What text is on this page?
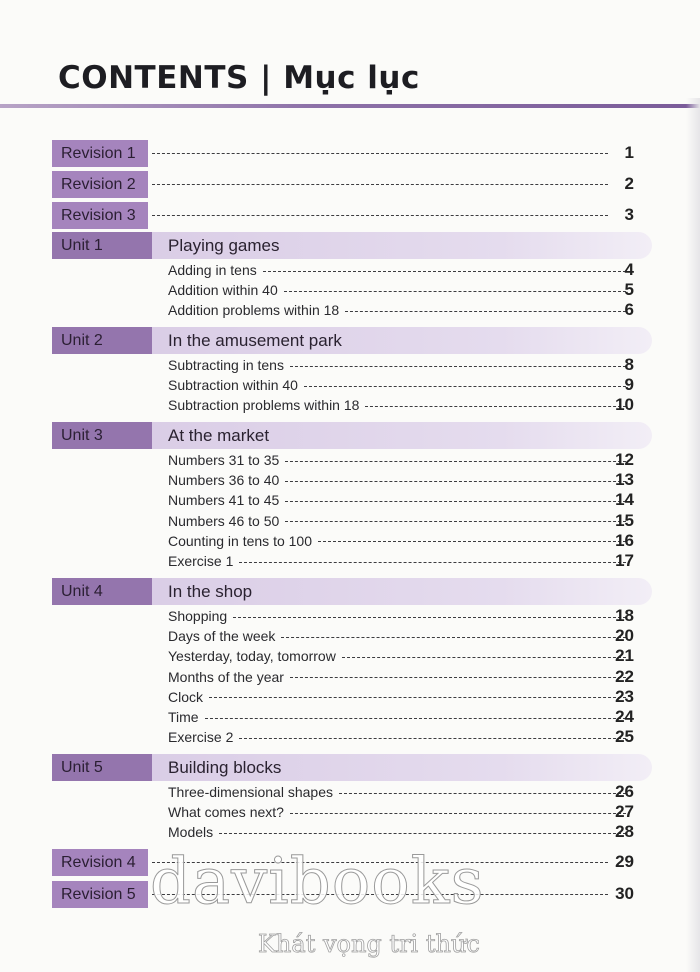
CONTENTS | Mục lục
Revision 1	1
Revision 2	2
Revision 3	3
Unit 1	Playing games
Adding in tens	4
Addition within 40	5
Addition problems within 18	6
Unit 2	In the amusement park
Subtracting in tens	8
Subtraction within 40	9
Subtraction problems within 18	10
Unit 3	At the market
Numbers 31 to 35	12
Numbers 36 to 40	13
Numbers 41 to 45	14
Numbers 46 to 50	15
Counting in tens to 100	16
Exercise 1	17
Unit 4	In the shop
Shopping	18
Days of the week	20
Yesterday, today, tomorrow	21
Months of the year	22
Clock	23
Time	24
Exercise 2	25
Unit 5	Building blocks
Three-dimensional shapes	26
What comes next?	27
Models	28
Revision 4	29
Revision 5	30
davibooks
Khát vọng tri thức
